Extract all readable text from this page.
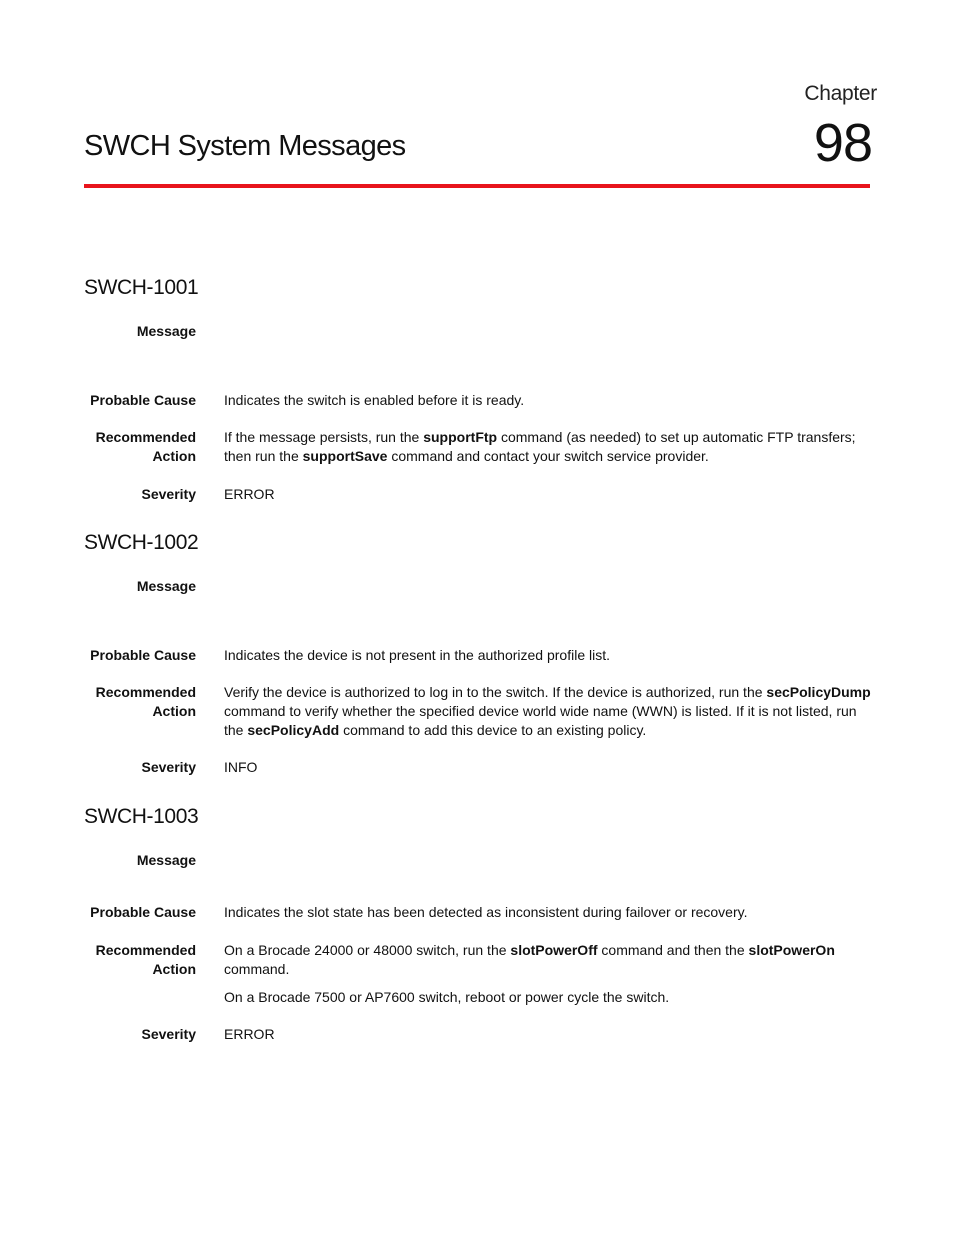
Chapter
98
SWCH System Messages
SWCH-1001
Message
Probable Cause Indicates the switch is enabled before it is ready.
Recommended
Action
If the message persists, run the supportFtp command (as needed) to set up automatic FTP transfers; then run the supportSave command and contact your switch service provider.
Severity ERROR
SWCH-1002
Message
Probable Cause Indicates the device is not present in the authorized profile list.
Recommended
Action
Verify the device is authorized to log in to the switch. If the device is authorized, run the secPolicyDump command to verify whether the specified device world wide name (WWN) is listed. If it is not listed, run the secPolicyAdd command to add this device to an existing policy.
Severity INFO
SWCH-1003
Message
Probable Cause Indicates the slot state has been detected as inconsistent during failover or recovery.
Recommended
Action

On a Brocade 24000 or 48000 switch, run the slotPowerOff command and then the slotPowerOn command.

On a Brocade 7500 or AP7600 switch, reboot or power cycle the switch.

Severity ERROR
